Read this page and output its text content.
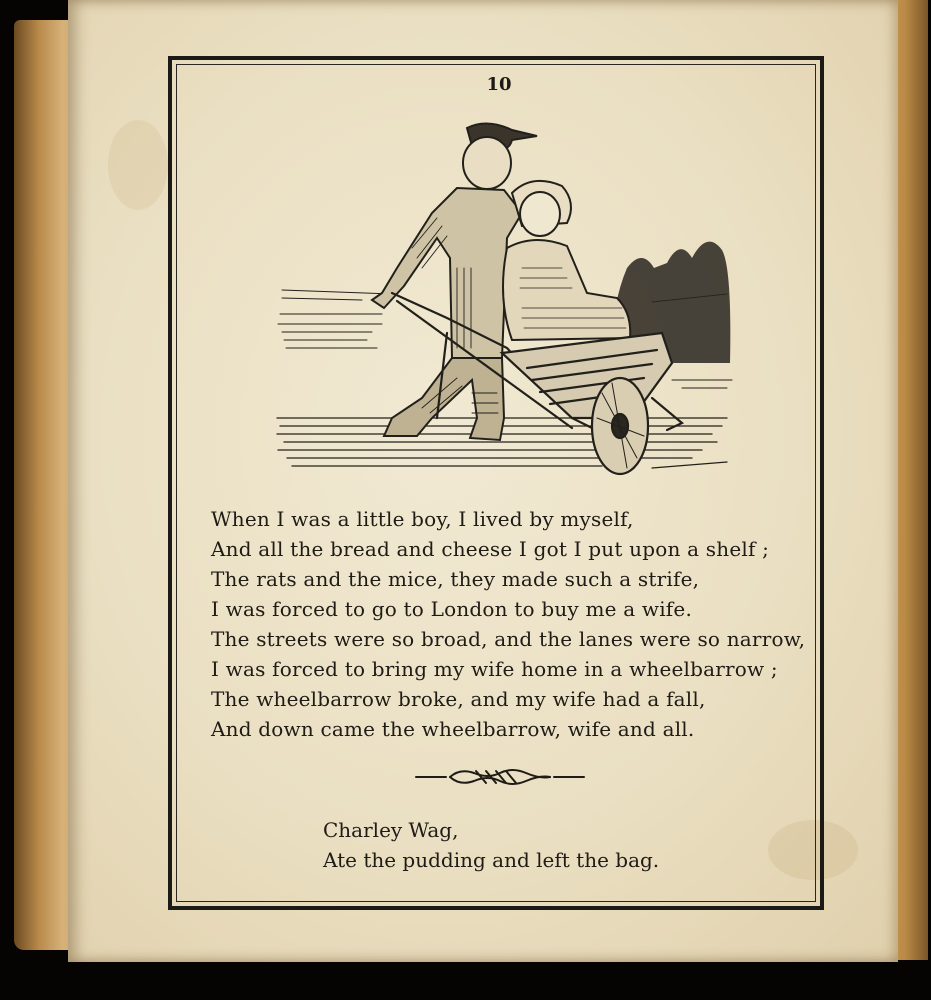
10
When I was a little boy, I lived by myself,
And all the bread and cheese I got I put upon a shelf ;
The rats and the mice, they made such a strife,
I was forced to go to London to buy me a wife.
The streets were so broad, and the lanes were so narrow,
I was forced to bring my wife home in a wheelbarrow ;
The wheelbarrow broke, and my wife had a fall,
And down came the wheelbarrow, wife and all.
Charley Wag,
Ate the pudding and left the bag.
